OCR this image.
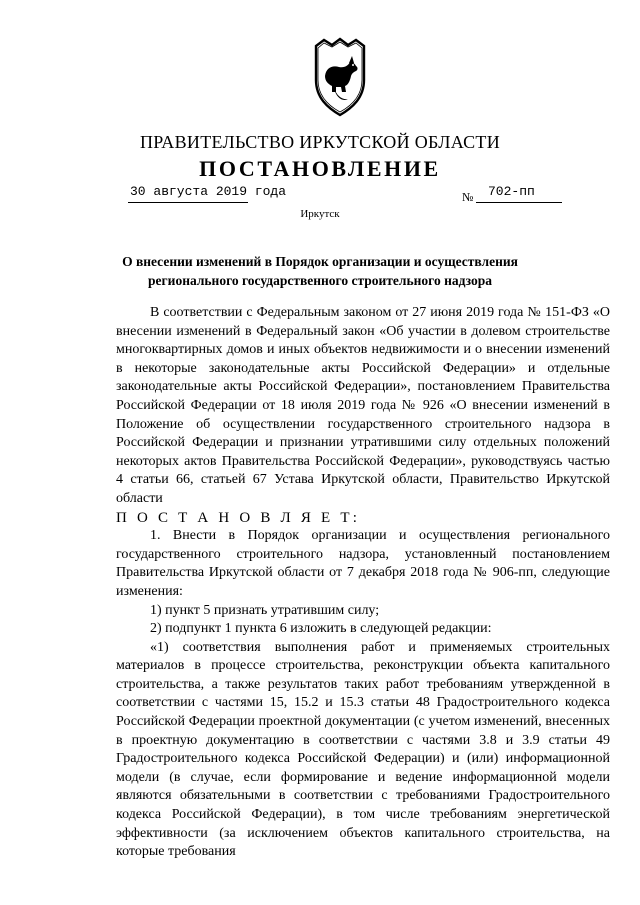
ПРАВИТЕЛЬСТВО ИРКУТСКОЙ ОБЛАСТИ
ПОСТАНОВЛЕНИЕ
30 августа 2019 года	№ 702-пп
Иркутск
О внесении изменений в Порядок организации и осуществления регионального государственного строительного надзора

В соответствии с Федеральным законом от 27 июня 2019 года № 151-ФЗ «О внесении изменений в Федеральный закон «Об участии в долевом строительстве многоквартирных домов и иных объектов недвижимости и о внесении изменений в некоторые законодательные акты Российской Федерации» и отдельные законодательные акты Российской Федерации», постановлением Правительства Российской Федерации от 18 июля 2019 года № 926 «О внесении изменений в Положение об осуществлении государственного строительного надзора в Российской Федерации и признании утратившими силу отдельных положений некоторых актов Правительства Российской Федерации», руководствуясь частью 4 статьи 66, статьей 67 Устава Иркутской области, Правительство Иркутской области

П О С Т А Н О В Л Я Е Т:

1. Внести в Порядок организации и осуществления регионального государственного строительного надзора, установленный постановлением Правительства Иркутской области от 7 декабря 2018 года № 906-пп, следующие изменения:

1) пункт 5 признать утратившим силу;

2) подпункт 1 пункта 6 изложить в следующей редакции:

«1) соответствия выполнения работ и применяемых строительных материалов в процессе строительства, реконструкции объекта капитального строительства, а также результатов таких работ требованиям утвержденной в соответствии с частями 15, 15.2 и 15.3 статьи 48 Градостроительного кодекса Российской Федерации проектной документации (с учетом изменений, внесенных в проектную документацию в соответствии с частями 3.8 и 3.9 статьи 49 Градостроительного кодекса Российской Федерации) и (или) информационной модели (в случае, если формирование и ведение информационной модели являются обязательными в соответствии с требованиями Градостроительного кодекса Российской Федерации), в том числе требованиям энергетической эффективности (за исключением объектов капитального строительства, на которые требования
